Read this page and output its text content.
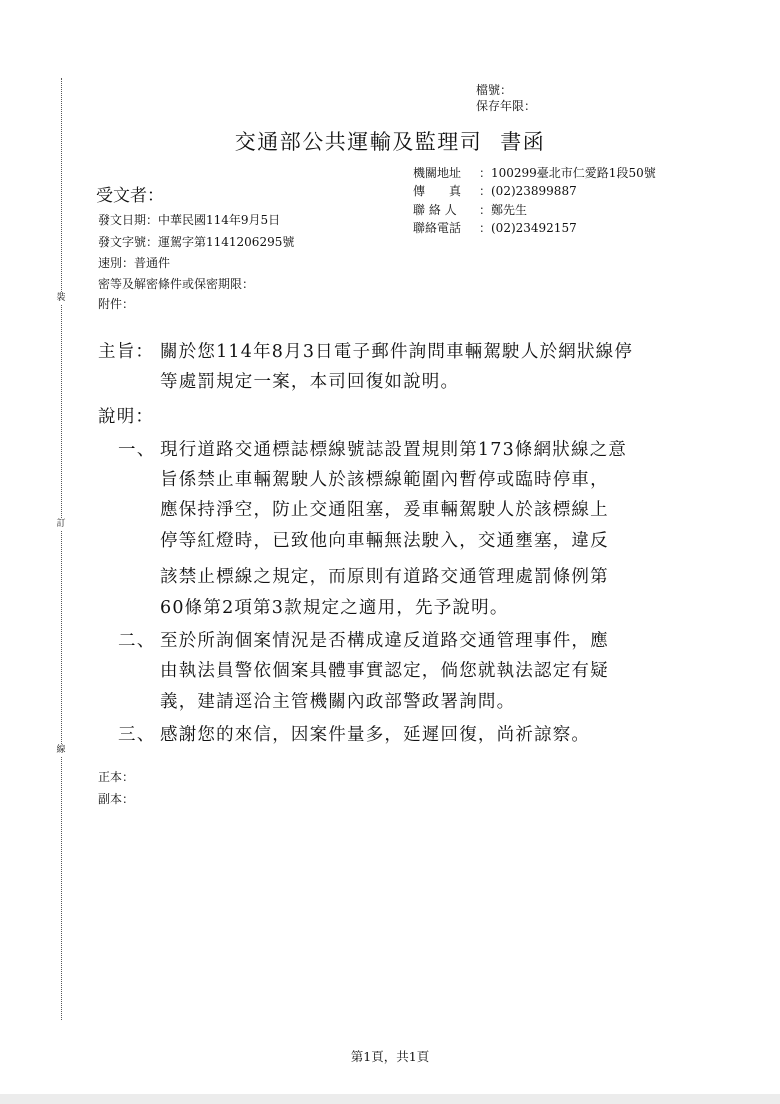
裝
訂
線
檔號：
保存年限：
交通部公共運輸及監理司 書函
機關地址 ：100299臺北市仁愛路1段50號
傳　　真 ：(02)23899887
聯 絡 人 ：鄭先生
聯絡電話 ：(02)23492157
受文者：
發文日期：中華民國114年9月5日
發文字號：運駕字第1141206295號
速別：普通件
密等及解密條件或保密期限：
附件：
主旨： 關於您114年8月3日電子郵件詢問車輛駕駛人於網狀線停
等處罰規定一案，本司回復如說明。
說明：
一、 現行道路交通標誌標線號誌設置規則第173條網狀線之意
旨係禁止車輛駕駛人於該標線範圍內暫停或臨時停車，
應保持淨空，防止交通阻塞，爰車輛駕駛人於該標線上
停等紅燈時，已致他向車輛無法駛入，交通壅塞，違反
該禁止標線之規定，而原則有道路交通管理處罰條例第
60條第2項第3款規定之適用，先予說明。
二、 至於所詢個案情況是否構成違反道路交通管理事件，應
由執法員警依個案具體事實認定，倘您就執法認定有疑
義，建請逕洽主管機關內政部警政署詢問。
三、 感謝您的來信，因案件量多，延遲回復，尚祈諒察。
正本：
副本：
第1頁，共1頁
